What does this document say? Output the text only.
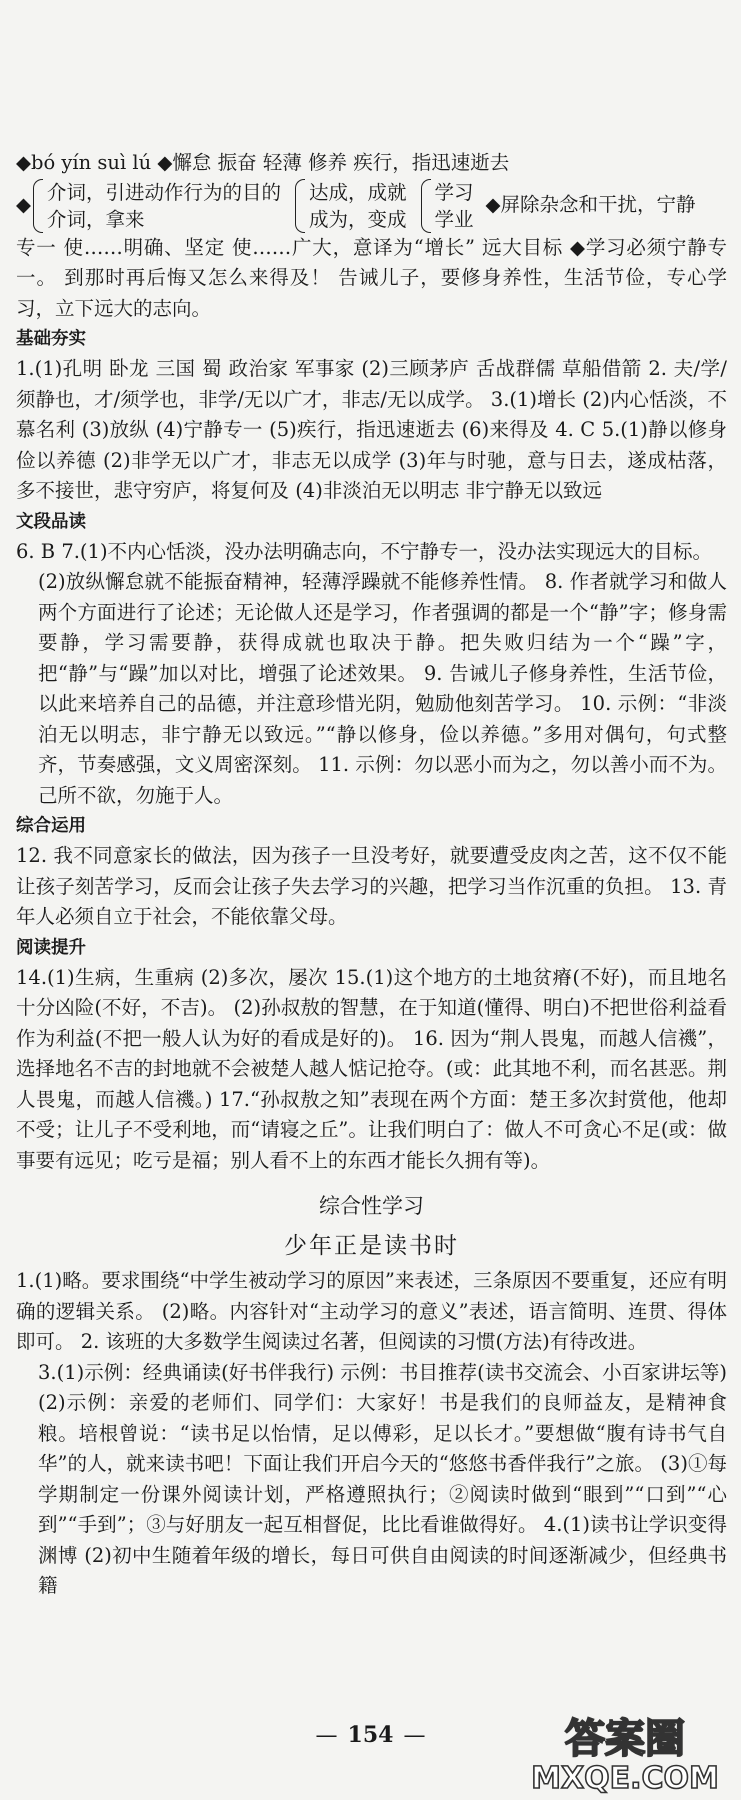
◆bó yín suì lú ◆懈怠 振奋 轻薄 修养 疾行，指迅速逝去

◆
介词，引进动作行为的目的
介词，拿来
达成，成就
成为，变成
学习
学业
◆屏除杂念和干扰，宁静

专一 使……明确、坚定 使……广大，意译为“增长” 远大目标 ◆学习必须宁静专一。 到那时再后悔又怎么来得及！ 告诫儿子，要修身养性，生活节俭，专心学习，立下远大的志向。

基础夯实

1.(1)孔明 卧龙 三国 蜀 政治家 军事家 (2)三顾茅庐 舌战群儒 草船借箭 2. 夫/学/须静也，才/须学也，非学/无以广才，非志/无以成学。 3.(1)增长 (2)内心恬淡，不慕名利 (3)放纵 (4)宁静专一 (5)疾行，指迅速逝去 (6)来得及 4. C 5.(1)静以修身 俭以养德 (2)非学无以广才，非志无以成学 (3)年与时驰，意与日去，遂成枯落，多不接世，悲守穷庐，将复何及 (4)非淡泊无以明志 非宁静无以致远

文段品读

6. B 7.(1)不内心恬淡，没办法明确志向，不宁静专一，没办法实现远大的目标。

(2)放纵懈怠就不能振奋精神，轻薄浮躁就不能修养性情。 8. 作者就学习和做人两个方面进行了论述；无论做人还是学习，作者强调的都是一个“静”字；修身需要静，学习需要静，获得成就也取决于静。把失败归结为一个“躁”字，把“静”与“躁”加以对比，增强了论述效果。 9. 告诫儿子修身养性，生活节俭，以此来培养自己的品德，并注意珍惜光阴，勉励他刻苦学习。 10. 示例：“非淡泊无以明志，非宁静无以致远。”“静以修身，俭以养德。”多用对偶句，句式整齐，节奏感强，文义周密深刻。 11. 示例：勿以恶小而为之，勿以善小而不为。己所不欲，勿施于人。

综合运用

12. 我不同意家长的做法，因为孩子一旦没考好，就要遭受皮肉之苦，这不仅不能让孩子刻苦学习，反而会让孩子失去学习的兴趣，把学习当作沉重的负担。 13. 青年人必须自立于社会，不能依靠父母。

阅读提升

14.(1)生病，生重病 (2)多次，屡次 15.(1)这个地方的土地贫瘠(不好)，而且地名十分凶险(不好，不吉)。 (2)孙叔敖的智慧，在于知道(懂得、明白)不把世俗利益看作为利益(不把一般人认为好的看成是好的)。 16. 因为“荆人畏鬼，而越人信禨”，选择地名不吉的封地就不会被楚人越人惦记抢夺。(或：此其地不利，而名甚恶。荆人畏鬼，而越人信禨。) 17.“孙叔敖之知”表现在两个方面：楚王多次封赏他，他却不受；让儿子不受利地，而“请寝之丘”。让我们明白了：做人不可贪心不足(或：做事要有远见；吃亏是福；别人看不上的东西才能长久拥有等)。

综合性学习

少年正是读书时

1.(1)略。要求围绕“中学生被动学习的原因”来表述，三条原因不要重复，还应有明确的逻辑关系。 (2)略。内容针对“主动学习的意义”表述，语言简明、连贯、得体即可。 2. 该班的大多数学生阅读过名著，但阅读的习惯(方法)有待改进。

3.(1)示例：经典诵读(好书伴我行) 示例：书目推荐(读书交流会、小百家讲坛等) (2)示例：亲爱的老师们、同学们：大家好！书是我们的良师益友，是精神食粮。培根曾说：“读书足以怡情，足以傅彩，足以长才。”要想做“腹有诗书气自华”的人，就来读书吧！下面让我们开启今天的“悠悠书香伴我行”之旅。 (3)①每学期制定一份课外阅读计划，严格遵照执行；②阅读时做到“眼到”“口到”“心到”“手到”；③与好朋友一起互相督促，比比看谁做得好。 4.(1)读书让学识变得渊博 (2)初中生随着年级的增长，每日可供自由阅读的时间逐渐减少，但经典书籍

— 154 —	答案圈
MXQE.COM
